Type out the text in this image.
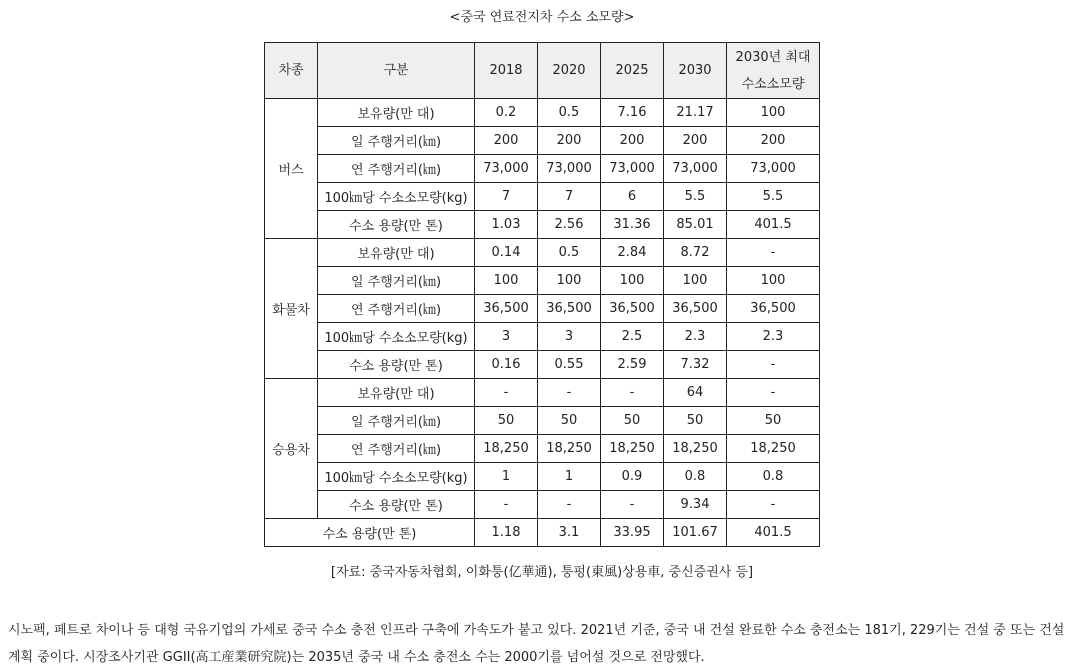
<중국 연료전지차 수소 소모량>
차종	구분	2018	2020	2025	2030	2030년 최대
수소소모량

버스	보유량(만 대)	0.2	0.5	7.16	21.17	100
	일 주행거리(㎞)	200	200	200	200	200
	연 주행거리(㎞)	73,000	73,000	73,000	73,000	73,000
	100㎞당 수소소모량(kg)	7	7	6	5.5	5.5
	수소 용량(만 톤)	1.03	2.56	31.36	85.01	401.5
화물차	보유량(만 대)	0.14	0.5	2.84	8.72	-
	일 주행거리(㎞)	100	100	100	100	100
	연 주행거리(㎞)	36,500	36,500	36,500	36,500	36,500
	100㎞당 수소소모량(kg)	3	3	2.5	2.3	2.3
	수소 용량(만 톤)	0.16	0.55	2.59	7.32	-
승용차	보유량(만 대)	-	-	-	64	-
	일 주행거리(㎞)	50	50	50	50	50
	연 주행거리(㎞)	18,250	18,250	18,250	18,250	18,250
	100㎞당 수소소모량(kg)	1	1	0.9	0.8	0.8
	수소 용량(만 톤)	-	-	-	9.34	-
수소 용량(만 톤)		1.18	3.1	33.95	101.67	401.5
[자료: 중국자동차협회, 이화퉁(亿華通), 퉁펑(東風)상용車, 중신증권사 등]

시노펙, 페트로 차이나 등 대형 국유기업의 가세로 중국 수소 충전 인프라 구축에 가속도가 붙고 있다. 2021년 기준, 중국 내 건설 완료한 수소 충전소는 181기, 229기는 건설 중 또는 건설 계획 중이다. 시장조사기관 GGII(高工産業研究院)는 2035년 중국 내 수소 충전소 수는 2000기를 넘어설 것으로 전망했다.
